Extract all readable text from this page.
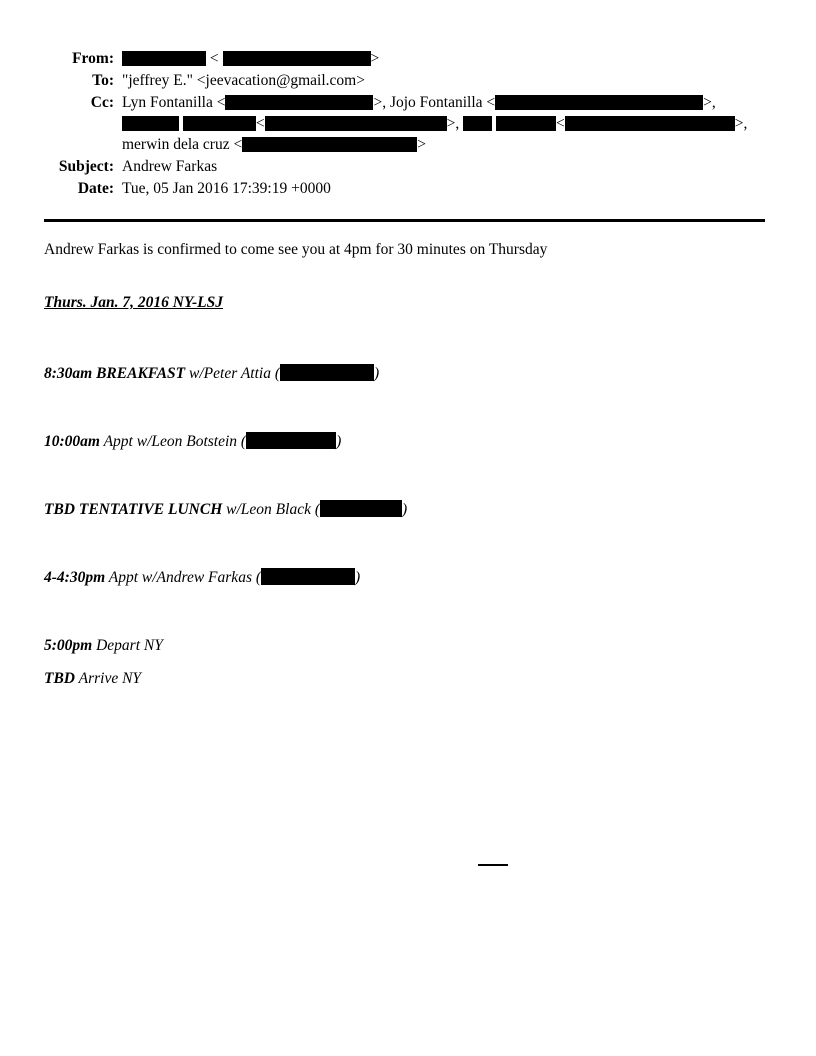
From:	<	>
To: "jeffrey E." <jeevacation@gmail.com>
Cc: Lyn Fontanilla <	>, Jojo Fontanilla <	>,
<	>,	<	>,
merwin dela cruz <	>
Subject: Andrew Farkas
Date: Tue, 05 Jan 2016 17:39:19 +0000

Andrew Farkas is confirmed to come see you at 4pm for 30 minutes on Thursday

Thurs. Jan. 7, 2016 NY-LSJ

8:30am BREAKFAST w/Peter Attia (	)

10:00am Appt w/Leon Botstein (	)

TBD TENTATIVE LUNCH w/Leon Black (	)

4-4:30pm Appt w/Andrew Farkas (	)

5:00pm Depart NY

TBD Arrive NY
